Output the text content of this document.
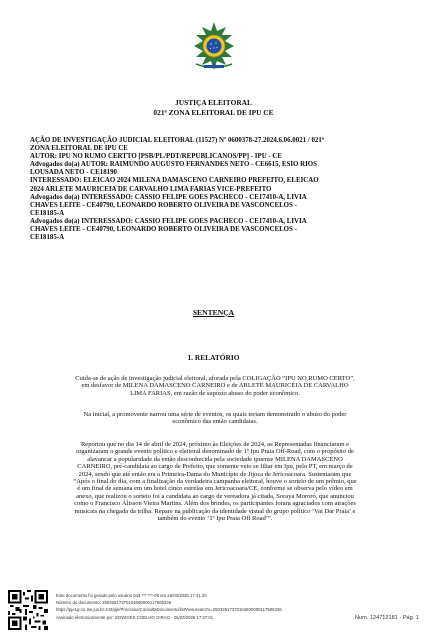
JUSTIÇA ELEITORAL
021ª ZONA ELEITORAL DE IPU CE
AÇÃO DE INVESTIGAÇÃO JUDICIAL ELEITORAL (11527) Nº 0600378-27.2024.6.06.0021 / 021ª
ZONA ELEITORAL DE IPU CE
AUTOR: IPU NO RUMO CERTTO [PSB/PL/PDT/REPUBLICANOS/PP] - IPU - CE
Advogados do(a) AUTOR: RAIMUNDO AUGUSTO FERNANDES NETO - CE6615, ESIO RIOS
LOUSADA NETO - CE18190
INTERESSADO: ELEICAO 2024 MILENA DAMASCENO CARNEIRO PREFEITO, ELEICAO
2024 ARLETE MAURICEIA DE CARVALHO LIMA FARIAS VICE-PREFEITO
Advogados do(a) INTERESSADO: CASSIO FELIPE GOES PACHECO - CE17410-A, LIVIA
CHAVES LEITE - CE40790, LEONARDO ROBERTO OLIVEIRA DE VASCONCELOS -
CE18185-A
Advogados do(a) INTERESSADO: CASSIO FELIPE GOES PACHECO - CE17410-A, LIVIA
CHAVES LEITE - CE40790, LEONARDO ROBERTO OLIVEIRA DE VASCONCELOS -
CE18185-A
SENTENÇA
1. RELATÓRIO
Cuida-se de ação de investigação judicial eleitoral, aforada pela COLIGAÇÃO “IPU NO RUMO CERTO”,
em desfavor de MILENA DAMASCENO CARNEIRO e de ARLETE MAURICÉIA DE CARVALHO
LIMA FARIAS, em razão de suposto abuso do poder econômico.
Na inicial, a promovente narrou uma série de eventos, os quais teriam demonstrado o abuso do poder
econômico das então candidatas.
Reportou que no dia 14 de abril de 2024, próximo às Eleições de 2024, as Representadas financiaram e
organizaram o grande evento político e eleitoral denominado de 1º Ipu Praia Off-Road, com o propósito de
alavancar a popularidade da então desconhecida pela sociedade ipuense MILENA DAMASCENO
CARNEIRO, pré-candidata ao cargo de Prefeito, que somente veio se filiar em Ipu, pelo PT, em março de
2024, sendo que até então era a Primeira-Dama do Município de Jijoca de Jericoacoara. Sustentaram que
“Após o final do dia, com a finalização da verdadeira campanha eleitoral, houve o sorteio de um prêmio, que
é um final de semana em um hotel cinco estrelas em Jericoacoara/CE, conforme se observa pelo vídeo em
anexo, que realizou o sorteio foi a candidata ao cargo de vereadora já citada, Soraya Mororó, que anunciou
como o Francisco Álisson Vieira Martins. Além dos brindes, os participantes foram agraciados com atrações
musicais na chegada da trilha. Repare na publicação da identidade visual do grupo político ‘Vai Dar Praia’ e
também do evento ‘1º Ipu Praia Off Road’”.
Este documento foi gerado pelo usuário 043.***.***-08 em 26/03/2025 17:41:20
Número do documento: 25032617370104600000117506336
https://pje1g-ce.tse.jus.br:443/pje/Processo/ConsultaDocumento/listView.seam?x=25032617370104600000117506336
Assinado eletronicamente por: EDWIGES COELHO GIRAO - 26/03/2025 17:37:01	Num. 124712181 - Pág. 1
